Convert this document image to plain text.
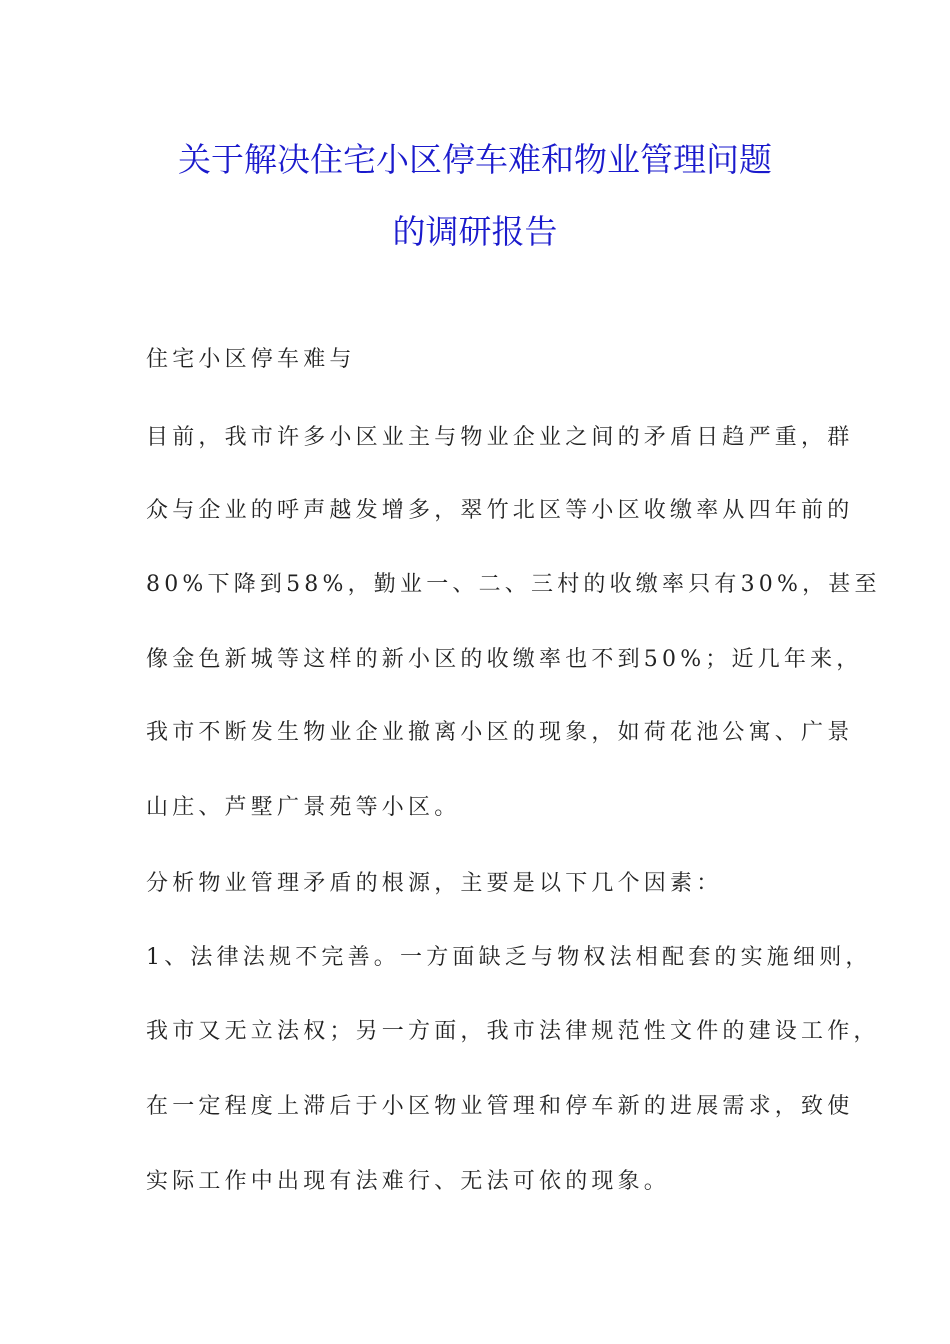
关于解决住宅小区停车难和物业管理问题
的调研报告
住宅小区停车难与
目前，我市许多小区业主与物业企业之间的矛盾日趋严重，群
众与企业的呼声越发增多，翠竹北区等小区收缴率从四年前的
80%下降到58%，勤业一、二、三村的收缴率只有30%，甚至
像金色新城等这样的新小区的收缴率也不到50%；近几年来，
我市不断发生物业企业撤离小区的现象，如荷花池公寓、广景
山庄、芦墅广景苑等小区。
分析物业管理矛盾的根源，主要是以下几个因素：
1、法律法规不完善。一方面缺乏与物权法相配套的实施细则，
我市又无立法权；另一方面，我市法律规范性文件的建设工作，
在一定程度上滞后于小区物业管理和停车新的进展需求，致使
实际工作中出现有法难行、无法可依的现象。
